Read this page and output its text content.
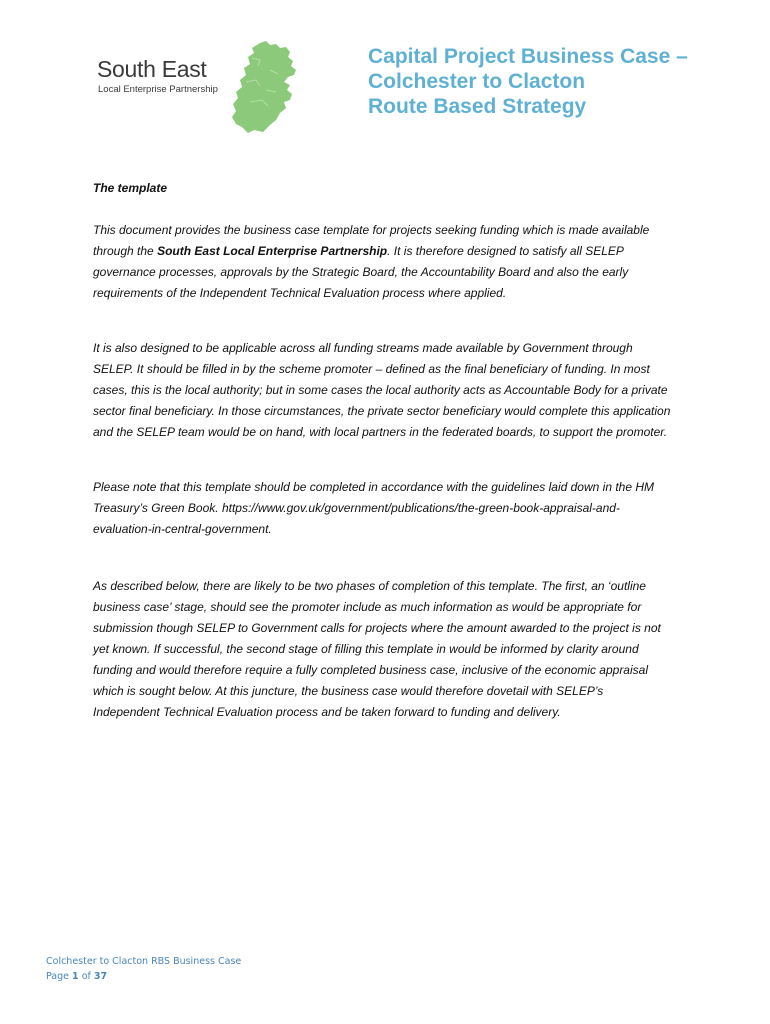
South East
Local Enterprise Partnership
Capital Project Business Case –
Colchester to Clacton
Route Based Strategy

The template

This document provides the business case template for projects seeking funding which is made available through the South East Local Enterprise Partnership. It is therefore designed to satisfy all SELEP governance processes, approvals by the Strategic Board, the Accountability Board and also the early requirements of the Independent Technical Evaluation process where applied.

It is also designed to be applicable across all funding streams made available by Government through SELEP. It should be filled in by the scheme promoter – defined as the final beneficiary of funding. In most cases, this is the local authority; but in some cases the local authority acts as Accountable Body for a private sector final beneficiary. In those circumstances, the private sector beneficiary would complete this application and the SELEP team would be on hand, with local partners in the federated boards, to support the promoter.

Please note that this template should be completed in accordance with the guidelines laid down in the HM Treasury’s Green Book. https://www.gov.uk/government/publications/the-green-book-appraisal-and-evaluation-in-central-government.

As described below, there are likely to be two phases of completion of this template. The first, an ‘outline business case’ stage, should see the promoter include as much information as would be appropriate for submission though SELEP to Government calls for projects where the amount awarded to the project is not yet known. If successful, the second stage of filling this template in would be informed by clarity around funding and would therefore require a fully completed business case, inclusive of the economic appraisal which is sought below. At this juncture, the business case would therefore dovetail with SELEP’s Independent Technical Evaluation process and be taken forward to funding and delivery.

Colchester to Clacton RBS Business Case
Page 1 of 37
